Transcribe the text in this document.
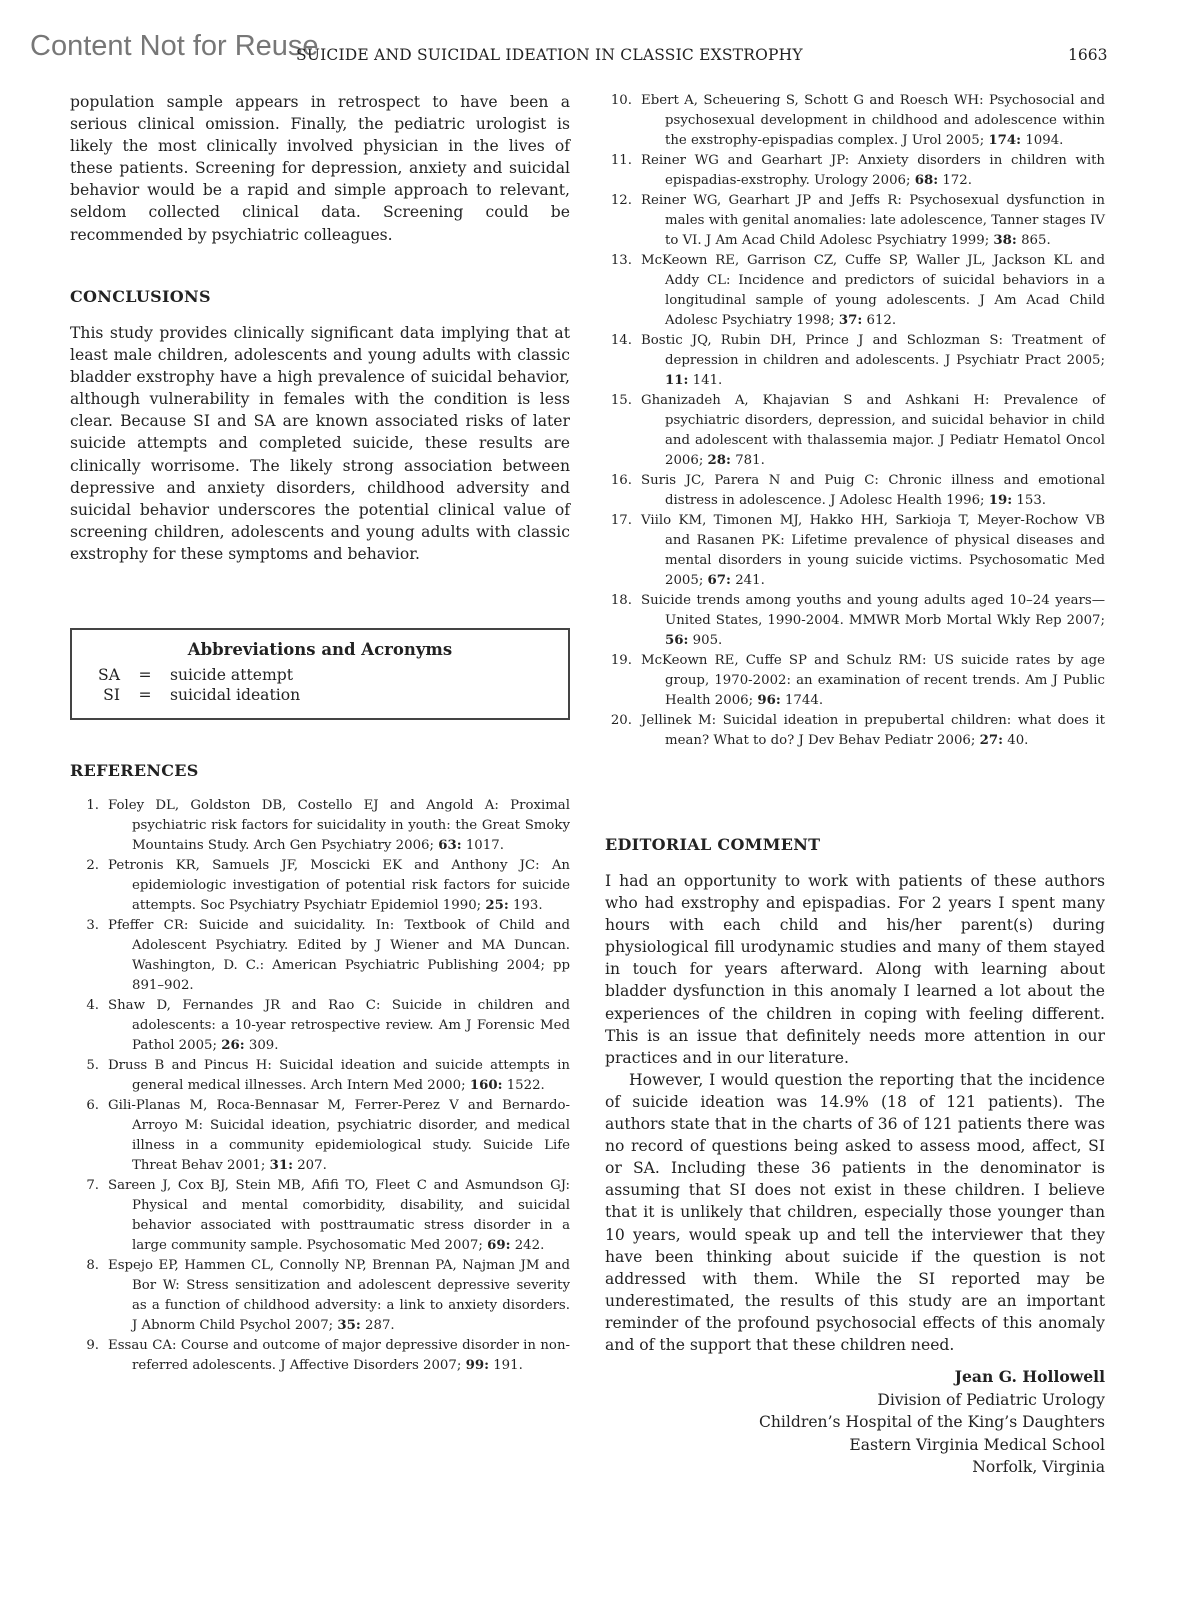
Content Not for Reuse
SUICIDE AND SUICIDAL IDEATION IN CLASSIC EXSTROPHY	1663

population sample appears in retrospect to have been a serious clinical omission. Finally, the pediatric urologist is likely the most clinically involved physician in the lives of these patients. Screening for depression, anxiety and suicidal behavior would be a rapid and simple approach to relevant, seldom collected clinical data. Screening could be recommended by psychiatric colleagues.

CONCLUSIONS

This study provides clinically significant data implying that at least male children, adolescents and young adults with classic bladder exstrophy have a high prevalence of suicidal behavior, although vulnerability in females with the condition is less clear. Because SI and SA are known associated risks of later suicide attempts and completed suicide, these results are clinically worrisome. The likely strong association between depressive and anxiety disorders, childhood adversity and suicidal behavior underscores the potential clinical value of screening children, adolescents and young adults with classic exstrophy for these symptoms and behavior.

Abbreviations and Acronyms
SA	=	suicide attempt
SI	=	suicidal ideation
REFERENCES
1. Foley DL, Goldston DB, Costello EJ and Angold A: Proximal psychiatric risk factors for suicidality in youth: the Great Smoky Mountains Study. Arch Gen Psychiatry 2006; 63: 1017.
2. Petronis KR, Samuels JF, Moscicki EK and Anthony JC: An epidemiologic investigation of potential risk factors for suicide attempts. Soc Psychiatry Psychiatr Epidemiol 1990; 25: 193.
3. Pfeffer CR: Suicide and suicidality. In: Textbook of Child and Adolescent Psychiatry. Edited by J Wiener and MA Duncan. Washington, D. C.: American Psychiatric Publishing 2004; pp 891–902.
4. Shaw D, Fernandes JR and Rao C: Suicide in children and adolescents: a 10-year retrospective review. Am J Forensic Med Pathol 2005; 26: 309.
5. Druss B and Pincus H: Suicidal ideation and suicide attempts in general medical illnesses. Arch Intern Med 2000; 160: 1522.
6. Gili-Planas M, Roca-Bennasar M, Ferrer-Perez V and Bernardo-Arroyo M: Suicidal ideation, psychiatric disorder, and medical illness in a community epidemiological study. Suicide Life Threat Behav 2001; 31: 207.
7. Sareen J, Cox BJ, Stein MB, Afifi TO, Fleet C and Asmundson GJ: Physical and mental comorbidity, disability, and suicidal behavior associated with posttraumatic stress disorder in a large community sample. Psychosomatic Med 2007; 69: 242.
8. Espejo EP, Hammen CL, Connolly NP, Brennan PA, Najman JM and Bor W: Stress sensitization and adolescent depressive severity as a function of childhood adversity: a link to anxiety disorders. J Abnorm Child Psychol 2007; 35: 287.
9. Essau CA: Course and outcome of major depressive disorder in non-referred adolescents. J Affective Disorders 2007; 99: 191.
10. Ebert A, Scheuering S, Schott G and Roesch WH: Psychosocial and psychosexual development in childhood and adolescence within the exstrophy-epispadias complex. J Urol 2005; 174: 1094.
11. Reiner WG and Gearhart JP: Anxiety disorders in children with epispadias-exstrophy. Urology 2006; 68: 172.
12. Reiner WG, Gearhart JP and Jeffs R: Psychosexual dysfunction in males with genital anomalies: late adolescence, Tanner stages IV to VI. J Am Acad Child Adolesc Psychiatry 1999; 38: 865.
13. McKeown RE, Garrison CZ, Cuffe SP, Waller JL, Jackson KL and Addy CL: Incidence and predictors of suicidal behaviors in a longitudinal sample of young adolescents. J Am Acad Child Adolesc Psychiatry 1998; 37: 612.
14. Bostic JQ, Rubin DH, Prince J and Schlozman S: Treatment of depression in children and adolescents. J Psychiatr Pract 2005; 11: 141.
15. Ghanizadeh A, Khajavian S and Ashkani H: Prevalence of psychiatric disorders, depression, and suicidal behavior in child and adolescent with thalassemia major. J Pediatr Hematol Oncol 2006; 28: 781.
16. Suris JC, Parera N and Puig C: Chronic illness and emotional distress in adolescence. J Adolesc Health 1996; 19: 153.
17. Viilo KM, Timonen MJ, Hakko HH, Sarkioja T, Meyer-Rochow VB and Rasanen PK: Lifetime prevalence of physical diseases and mental disorders in young suicide victims. Psychosomatic Med 2005; 67: 241.
18. Suicide trends among youths and young adults aged 10–24 years—United States, 1990-2004. MMWR Morb Mortal Wkly Rep 2007; 56: 905.
19. McKeown RE, Cuffe SP and Schulz RM: US suicide rates by age group, 1970-2002: an examination of recent trends. Am J Public Health 2006; 96: 1744.
20. Jellinek M: Suicidal ideation in prepubertal children: what does it mean? What to do? J Dev Behav Pediatr 2006; 27: 40.
EDITORIAL COMMENT

I had an opportunity to work with patients of these authors who had exstrophy and epispadias. For 2 years I spent many hours with each child and his/her parent(s) during physiological fill urodynamic studies and many of them stayed in touch for years afterward. Along with learning about bladder dysfunction in this anomaly I learned a lot about the experiences of the children in coping with feeling different. This is an issue that definitely needs more attention in our practices and in our literature.

However, I would question the reporting that the incidence of suicide ideation was 14.9% (18 of 121 patients). The authors state that in the charts of 36 of 121 patients there was no record of questions being asked to assess mood, affect, SI or SA. Including these 36 patients in the denominator is assuming that SI does not exist in these children. I believe that it is unlikely that children, especially those younger than 10 years, would speak up and tell the interviewer that they have been thinking about suicide if the question is not addressed with them. While the SI reported may be underestimated, the results of this study are an important reminder of the profound psychosocial effects of this anomaly and of the support that these children need.

Jean G. Hollowell
Division of Pediatric Urology
Children’s Hospital of the King’s Daughters
Eastern Virginia Medical School
Norfolk, Virginia
